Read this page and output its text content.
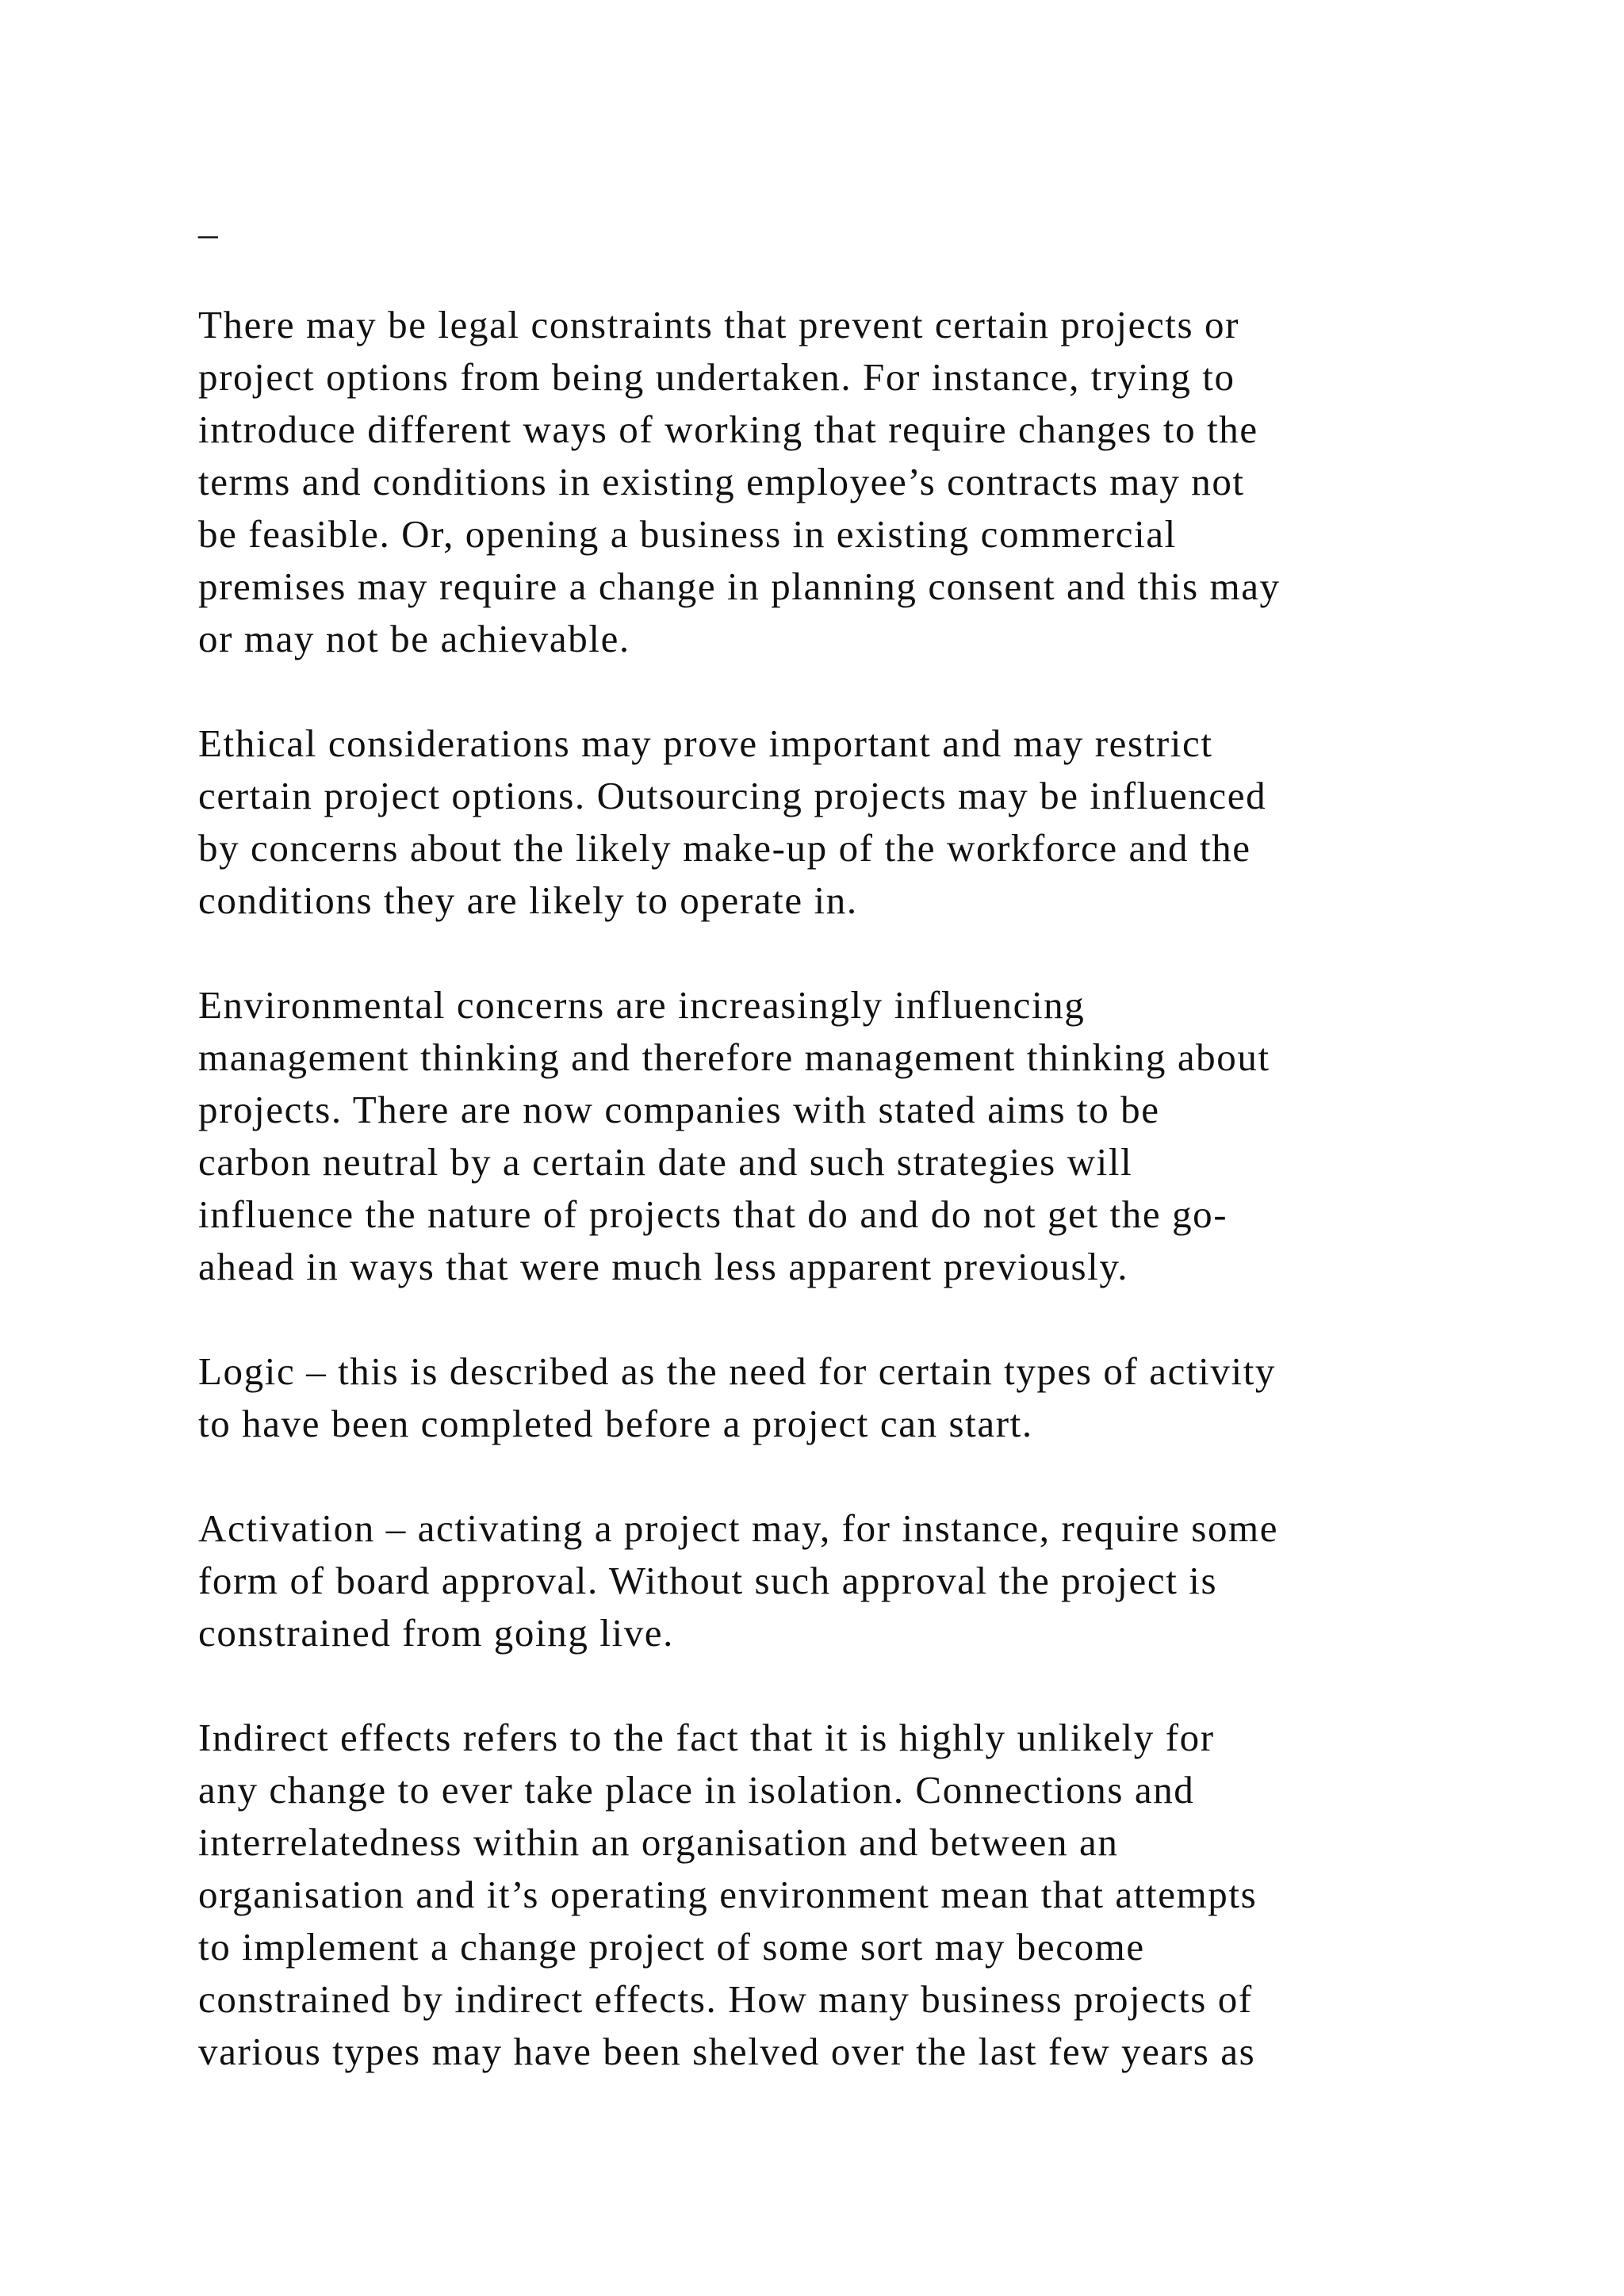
_
There may be legal constraints that prevent certain projects or
project options from being undertaken. For instance, trying to
introduce different ways of working that require changes to the
terms and conditions in existing employee’s contracts may not
be feasible. Or, opening a business in existing commercial
premises may require a change in planning consent and this may
or may not be achievable.
Ethical considerations may prove important and may restrict
certain project options. Outsourcing projects may be influenced
by concerns about the likely make-up of the workforce and the
conditions they are likely to operate in.
Environmental concerns are increasingly influencing
management thinking and therefore management thinking about
projects. There are now companies with stated aims to be
carbon neutral by a certain date and such strategies will
influence the nature of projects that do and do not get the go-
ahead in ways that were much less apparent previously.
Logic – this is described as the need for certain types of activity
to have been completed before a project can start.
Activation – activating a project may, for instance, require some
form of board approval. Without such approval the project is
constrained from going live.
Indirect effects refers to the fact that it is highly unlikely for
any change to ever take place in isolation. Connections and
interrelatedness within an organisation and between an
organisation and it’s operating environment mean that attempts
to implement a change project of some sort may become
constrained by indirect effects. How many business projects of
various types may have been shelved over the last few years as
